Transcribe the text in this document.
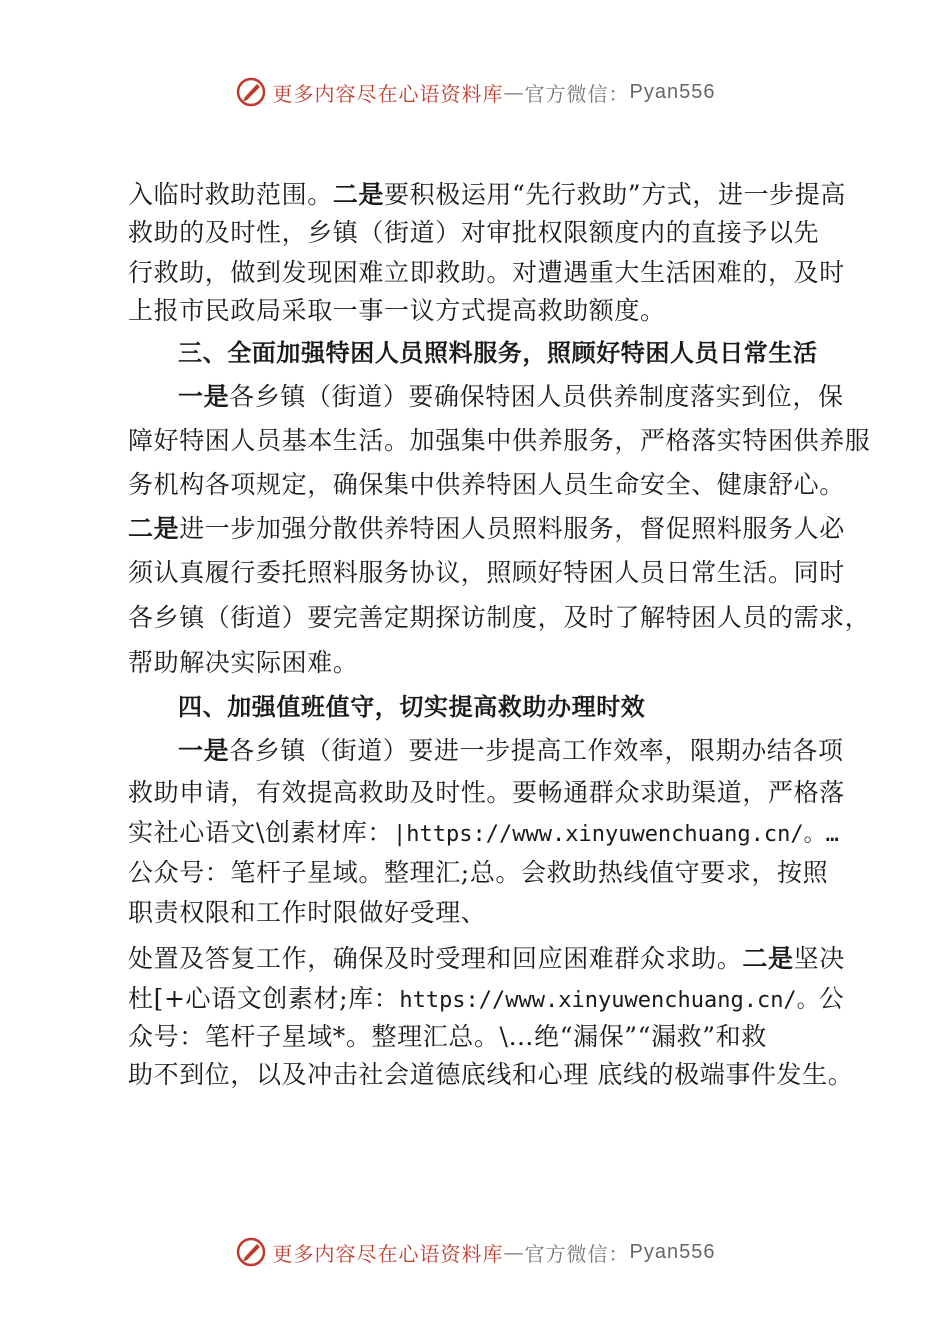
更多内容尽在心语资料库 — 官方微信： Pyan556
入临时救助范围。二是要积极运用“先行救助”方式，进一步提高
救助的及时性，乡镇（街道）对审批权限额度内的直接予以先
行救助，做到发现困难立即救助。对遭遇重大生活困难的，及时
上报市民政局采取一事一议方式提高救助额度。
三、全面加强特困人员照料服务，照顾好特困人员日常生活
一是各乡镇（街道）要确保特困人员供养制度落实到位，保
障好特困人员基本生活。加强集中供养服务，严格落实特困供养服
务机构各项规定，确保集中供养特困人员生命安全、健康舒心。
二是进一步加强分散供养特困人员照料服务，督促照料服务人必
须认真履行委托照料服务协议，照顾好特困人员日常生活。同时
各乡镇（街道）要完善定期探访制度，及时了解特困人员的需求，
帮助解决实际困难。
四、加强值班值守，切实提高救助办理时效
一是各乡镇（街道）要进一步提高工作效率，限期办结各项
救助申请，有效提高救助及时性。要畅通群众求助渠道，严格落
实社心语文\创素材库：|https://www.xinyuwenchuang.cn/。…
公众号：笔杆子星域。整理汇;总。会救助热线值守要求，按照
职责权限和工作时限做好受理、
处置及答复工作，确保及时受理和回应困难群众求助。二是坚决
杜[+心语文创素材;库：https://www.xinyuwenchuang.cn/。公
众号：笔杆子星域*。整理汇总。\…绝“漏保”“漏救”和救
助不到位，以及冲击社会道德底线和心理 底线的极端事件发生。
更多内容尽在心语资料库 — 官方微信： Pyan556
